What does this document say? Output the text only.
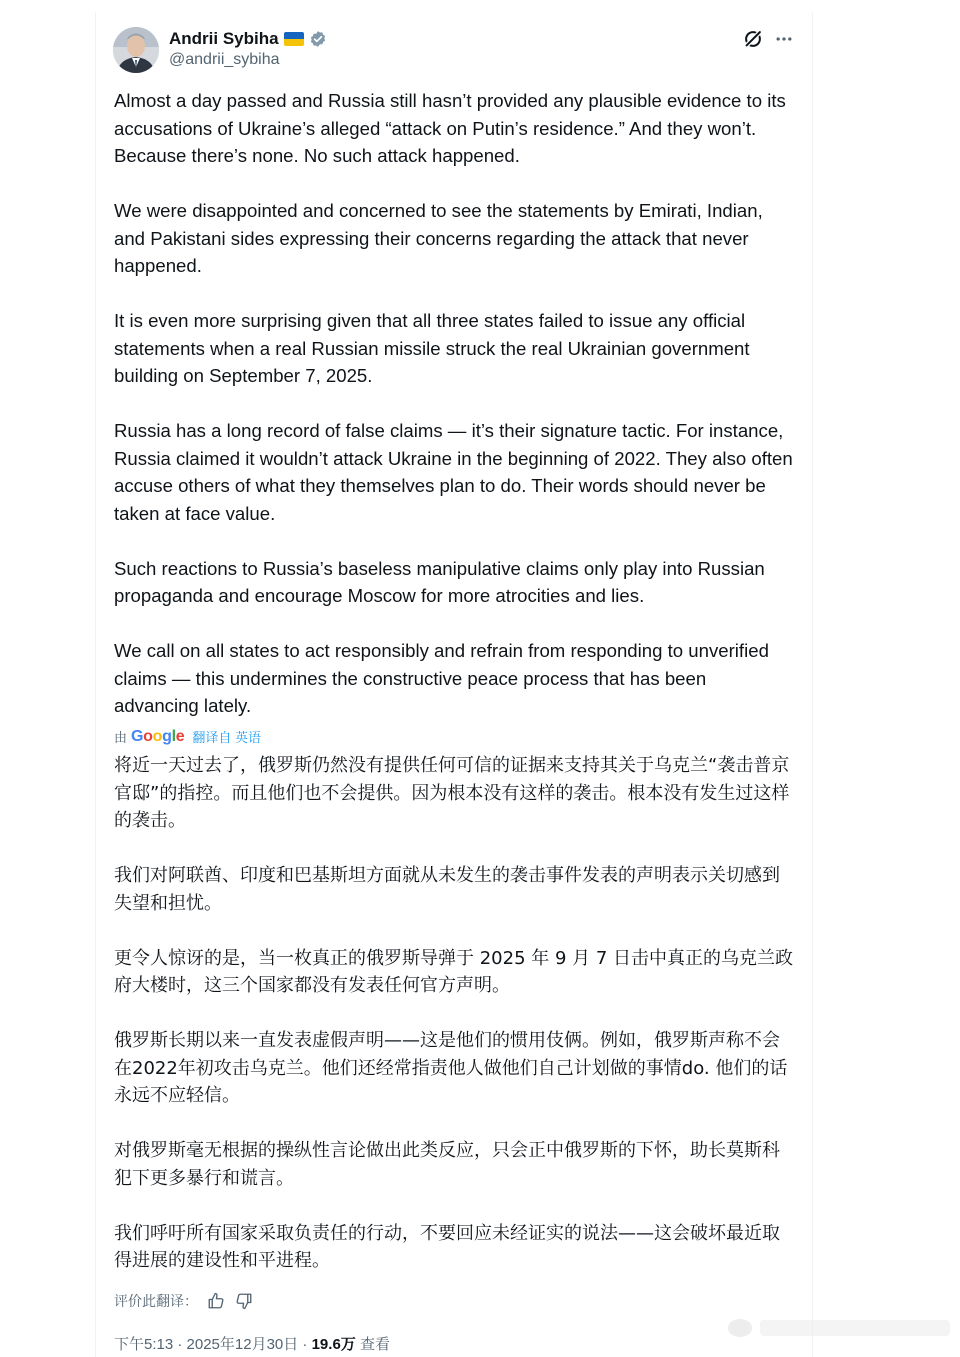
Andrii Sybiha
@andrii_sybiha

Almost a day passed and Russia still hasn’t provided any plausible evidence to its accusations of Ukraine’s alleged “attack on Putin’s residence.” And they won’t. Because there’s none. No such attack happened.

We were disappointed and concerned to see the statements by Emirati, Indian, and Pakistani sides expressing their concerns regarding the attack that never happened.

It is even more surprising given that all three states failed to issue any official statements when a real Russian missile struck the real Ukrainian government building on September 7, 2025.

Russia has a long record of false claims — it’s their signature tactic. For instance, Russia claimed it wouldn’t attack Ukraine in the beginning of 2022. They also often accuse others of what they themselves plan to do. Their words should never be taken at face value.

Such reactions to Russia’s baseless manipulative claims only play into Russian propaganda and encourage Moscow for more atrocities and lies.

We call on all states to act responsibly and refrain from responding to unverified claims — this undermines the constructive peace process that has been advancing lately.

由 Google 翻译自 英语

将近一天过去了，俄罗斯仍然没有提供任何可信的证据来支持其关于乌克兰“袭击普京官邸”的指控。而且他们也不会提供。因为根本没有这样的袭击。根本没有发生过这样的袭击。

我们对阿联酋、印度和巴基斯坦方面就从未发生的袭击事件发表的声明表示关切感到失望和担忧。

更令人惊讶的是，当一枚真正的俄罗斯导弹于 2025 年 9 月 7 日击中真正的乌克兰政府大楼时，这三个国家都没有发表任何官方声明。

俄罗斯长期以来一直发表虚假声明——这是他们的惯用伎俩。例如，俄罗斯声称不会在2022年初攻击乌克兰。他们还经常指责他人做他们自己计划做的事情do. 他们的话永远不应轻信。

对俄罗斯毫无根据的操纵性言论做出此类反应，只会正中俄罗斯的下怀，助长莫斯科犯下更多暴行和谎言。

我们呼吁所有国家采取负责任的行动，不要回应未经证实的说法——这会破坏最近取得进展的建设性和平进程。

评价此翻译：
下午5:13 · 2025年12月30日 · 19.6万 查看
